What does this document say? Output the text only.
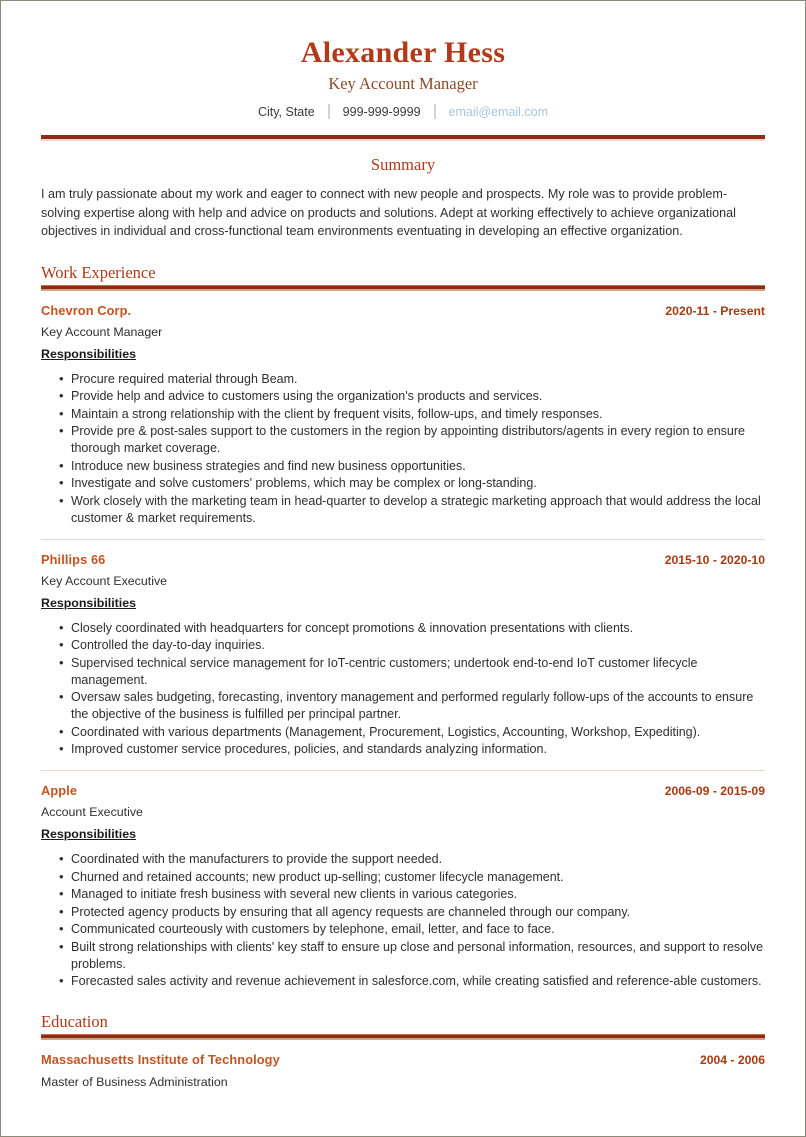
Alexander Hess
Key Account Manager
City, State	999-999-9999	email@email.com
Summary

I am truly passionate about my work and eager to connect with new people and prospects. My role was to provide problem-solving expertise along with help and advice on products and solutions. Adept at working effectively to achieve organizational objectives in individual and cross-functional team environments eventuating in developing an effective organization.

Work Experience
Chevron Corp.	2020-11 - Present
Key Account Manager
Responsibilities
• Procure required material through Beam.
• Provide help and advice to customers using the organization's products and services.
• Maintain a strong relationship with the client by frequent visits, follow-ups, and timely responses.
• Provide pre & post-sales support to the customers in the region by appointing distributors/agents in every region to ensure thorough market coverage.
• Introduce new business strategies and find new business opportunities.
• Investigate and solve customers' problems, which may be complex or long-standing.
• Work closely with the marketing team in head-quarter to develop a strategic marketing approach that would address the local customer & market requirements.
Phillips 66	2015-10 - 2020-10
Key Account Executive
Responsibilities
• Closely coordinated with headquarters for concept promotions & innovation presentations with clients.
• Controlled the day-to-day inquiries.
• Supervised technical service management for IoT-centric customers; undertook end-to-end IoT customer lifecycle management.
• Oversaw sales budgeting, forecasting, inventory management and performed regularly follow-ups of the accounts to ensure the objective of the business is fulfilled per principal partner.
• Coordinated with various departments (Management, Procurement, Logistics, Accounting, Workshop, Expediting).
• Improved customer service procedures, policies, and standards analyzing information.
Apple	2006-09 - 2015-09
Account Executive
Responsibilities
• Coordinated with the manufacturers to provide the support needed.
• Churned and retained accounts; new product up-selling; customer lifecycle management.
• Managed to initiate fresh business with several new clients in various categories.
• Protected agency products by ensuring that all agency requests are channeled through our company.
• Communicated courteously with customers by telephone, email, letter, and face to face.
• Built strong relationships with clients' key staff to ensure up close and personal information, resources, and support to resolve problems.
• Forecasted sales activity and revenue achievement in salesforce.com, while creating satisfied and reference-able customers.
Education
Massachusetts Institute of Technology	2004 - 2006
Master of Business Administration
